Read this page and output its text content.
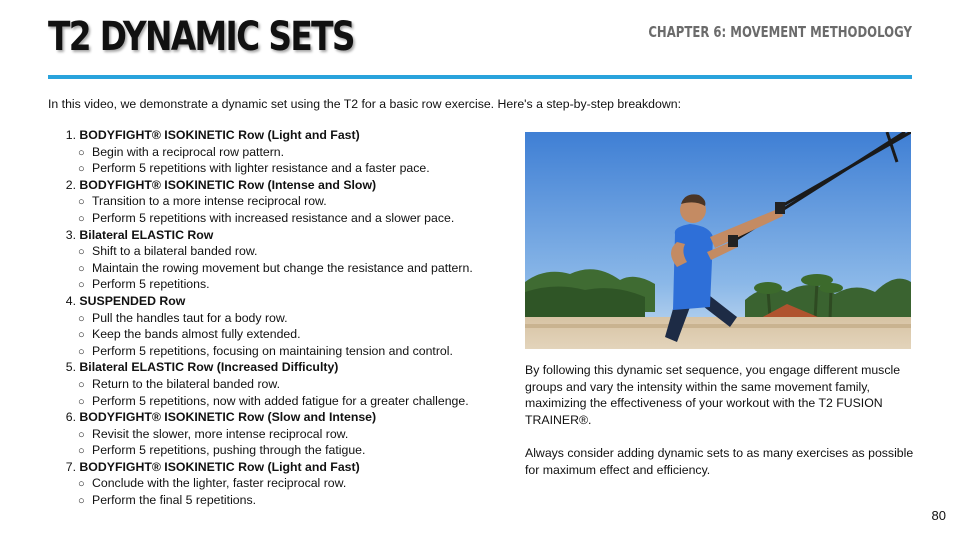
T2 DYNAMIC SETS	CHAPTER 6: MOVEMENT METHODOLOGY
In this video, we demonstrate a dynamic set using the T2 for a basic row exercise. Here's a step-by-step breakdown:
1. BODYFIGHT® ISOKINETIC Row (Light and Fast)
○ Begin with a reciprocal row pattern.
○ Perform 5 repetitions with lighter resistance and a faster pace.
2. BODYFIGHT® ISOKINETIC Row (Intense and Slow)
○ Transition to a more intense reciprocal row.
○ Perform 5 repetitions with increased resistance and a slower pace.
3. Bilateral ELASTIC Row
○ Shift to a bilateral banded row.
○ Maintain the rowing movement but change the resistance and pattern.
○ Perform 5 repetitions.
4. SUSPENDED Row
○ Pull the handles taut for a body row.
○ Keep the bands almost fully extended.
○ Perform 5 repetitions, focusing on maintaining tension and control.
5. Bilateral ELASTIC Row (Increased Difficulty)
○ Return to the bilateral banded row.
○ Perform 5 repetitions, now with added fatigue for a greater challenge.
6. BODYFIGHT® ISOKINETIC Row (Slow and Intense)
○ Revisit the slower, more intense reciprocal row.
○ Perform 5 repetitions, pushing through the fatigue.
7. BODYFIGHT® ISOKINETIC Row (Light and Fast)
○ Conclude with the lighter, faster reciprocal row.
○ Perform the final 5 repetitions.

By following this dynamic set sequence, you engage different muscle groups and vary the intensity within the same movement family, maximizing the effectiveness of your workout with the T2 FUSION TRAINER®.

Always consider adding dynamic sets to as many exercises as possible for maximum effect and efficiency.

80
